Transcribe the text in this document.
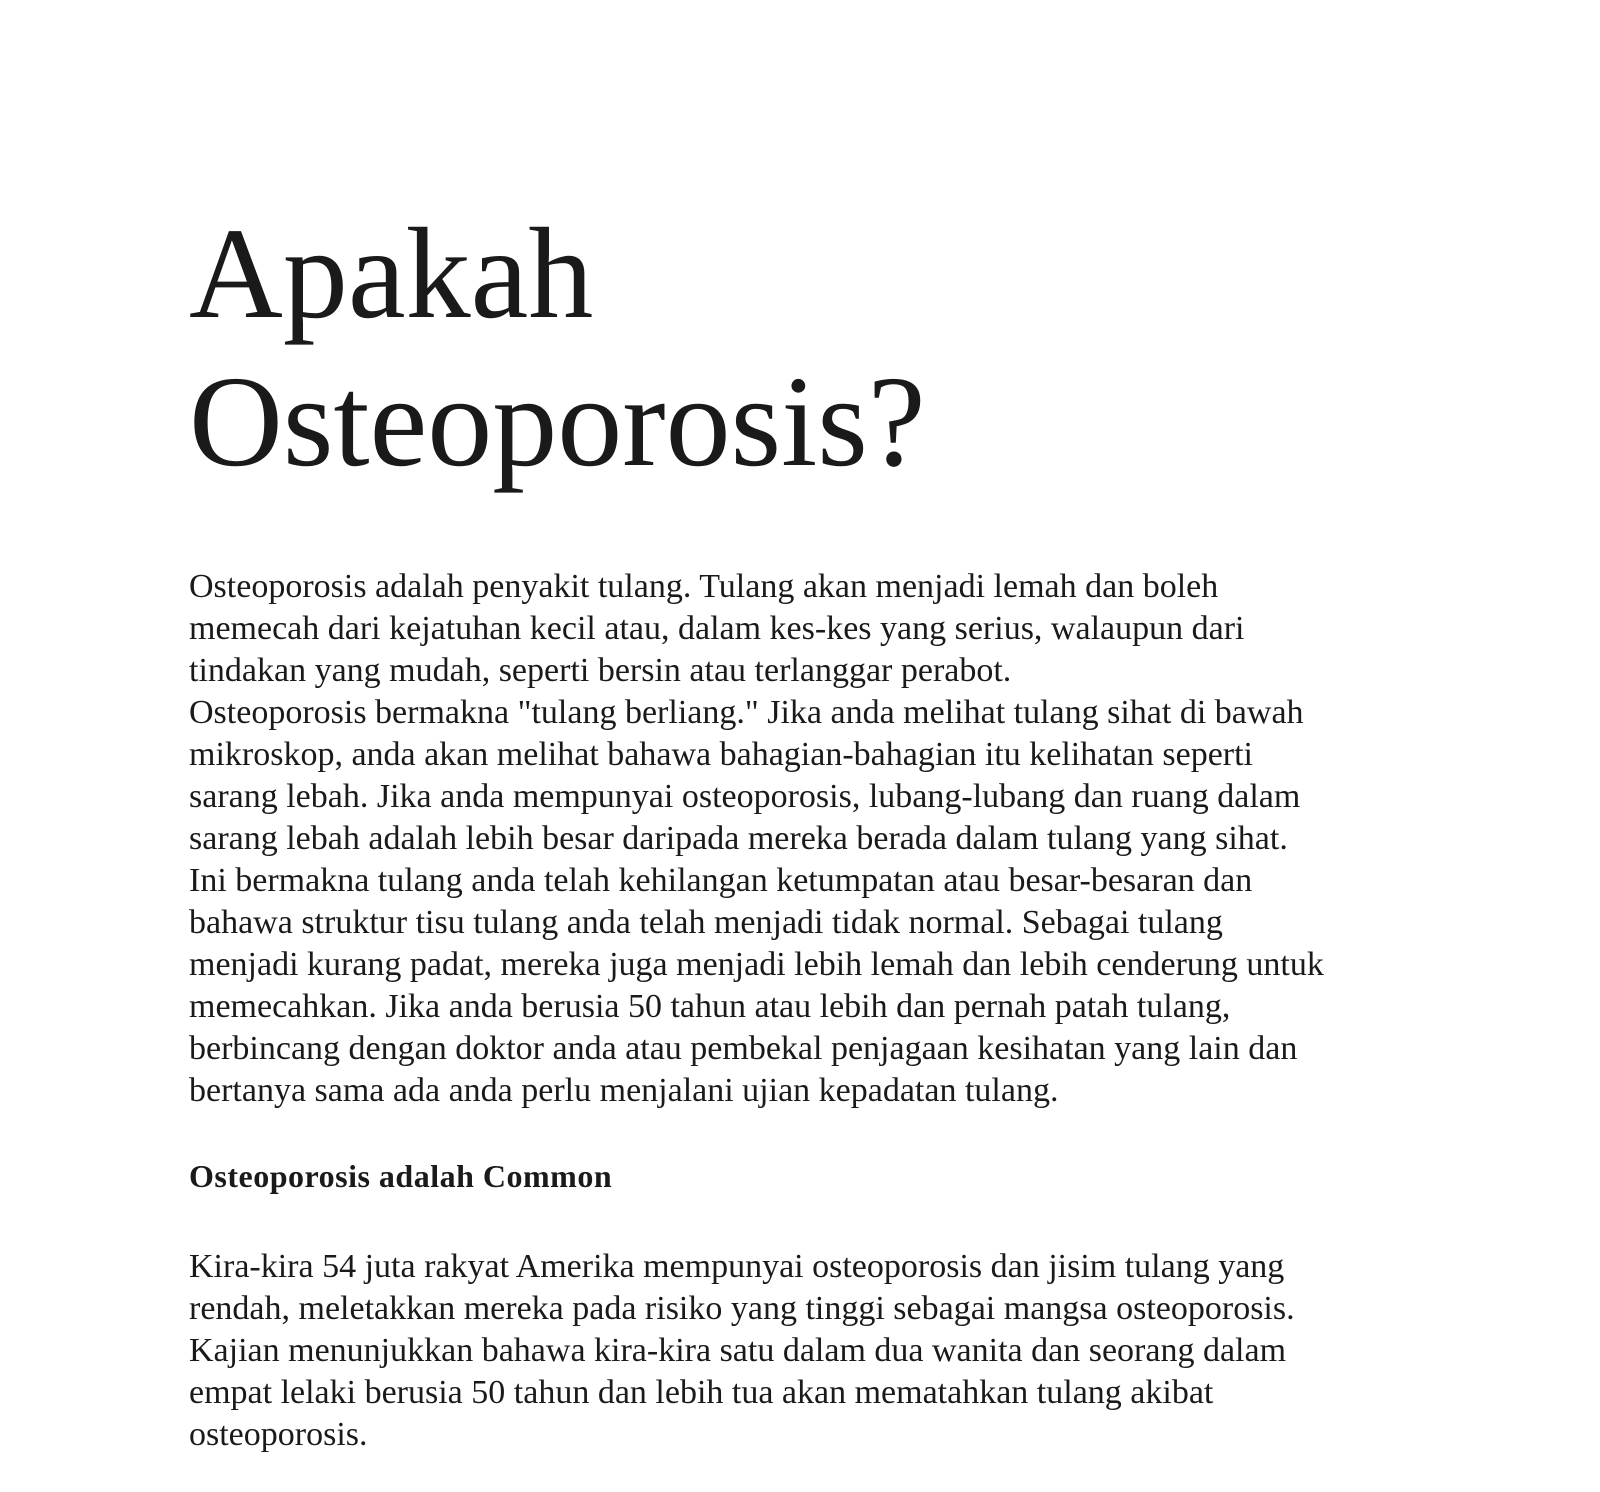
Apakah
Osteoporosis?

Osteoporosis adalah penyakit tulang. Tulang akan menjadi lemah dan boleh
memecah dari kejatuhan kecil atau, dalam kes-kes yang serius, walaupun dari
tindakan yang mudah, seperti bersin atau terlanggar perabot.
Osteoporosis bermakna "tulang berliang." Jika anda melihat tulang sihat di bawah
mikroskop, anda akan melihat bahawa bahagian-bahagian itu kelihatan seperti
sarang lebah. Jika anda mempunyai osteoporosis, lubang-lubang dan ruang dalam
sarang lebah adalah lebih besar daripada mereka berada dalam tulang yang sihat.
Ini bermakna tulang anda telah kehilangan ketumpatan atau besar-besaran dan
bahawa struktur tisu tulang anda telah menjadi tidak normal. Sebagai tulang
menjadi kurang padat, mereka juga menjadi lebih lemah dan lebih cenderung untuk
memecahkan. Jika anda berusia 50 tahun atau lebih dan pernah patah tulang,
berbincang dengan doktor anda atau pembekal penjagaan kesihatan yang lain dan
bertanya sama ada anda perlu menjalani ujian kepadatan tulang.

Osteoporosis adalah Common

Kira-kira 54 juta rakyat Amerika mempunyai osteoporosis dan jisim tulang yang
rendah, meletakkan mereka pada risiko yang tinggi sebagai mangsa osteoporosis.
Kajian menunjukkan bahawa kira-kira satu dalam dua wanita dan seorang dalam
empat lelaki berusia 50 tahun dan lebih tua akan mematahkan tulang akibat
osteoporosis.
